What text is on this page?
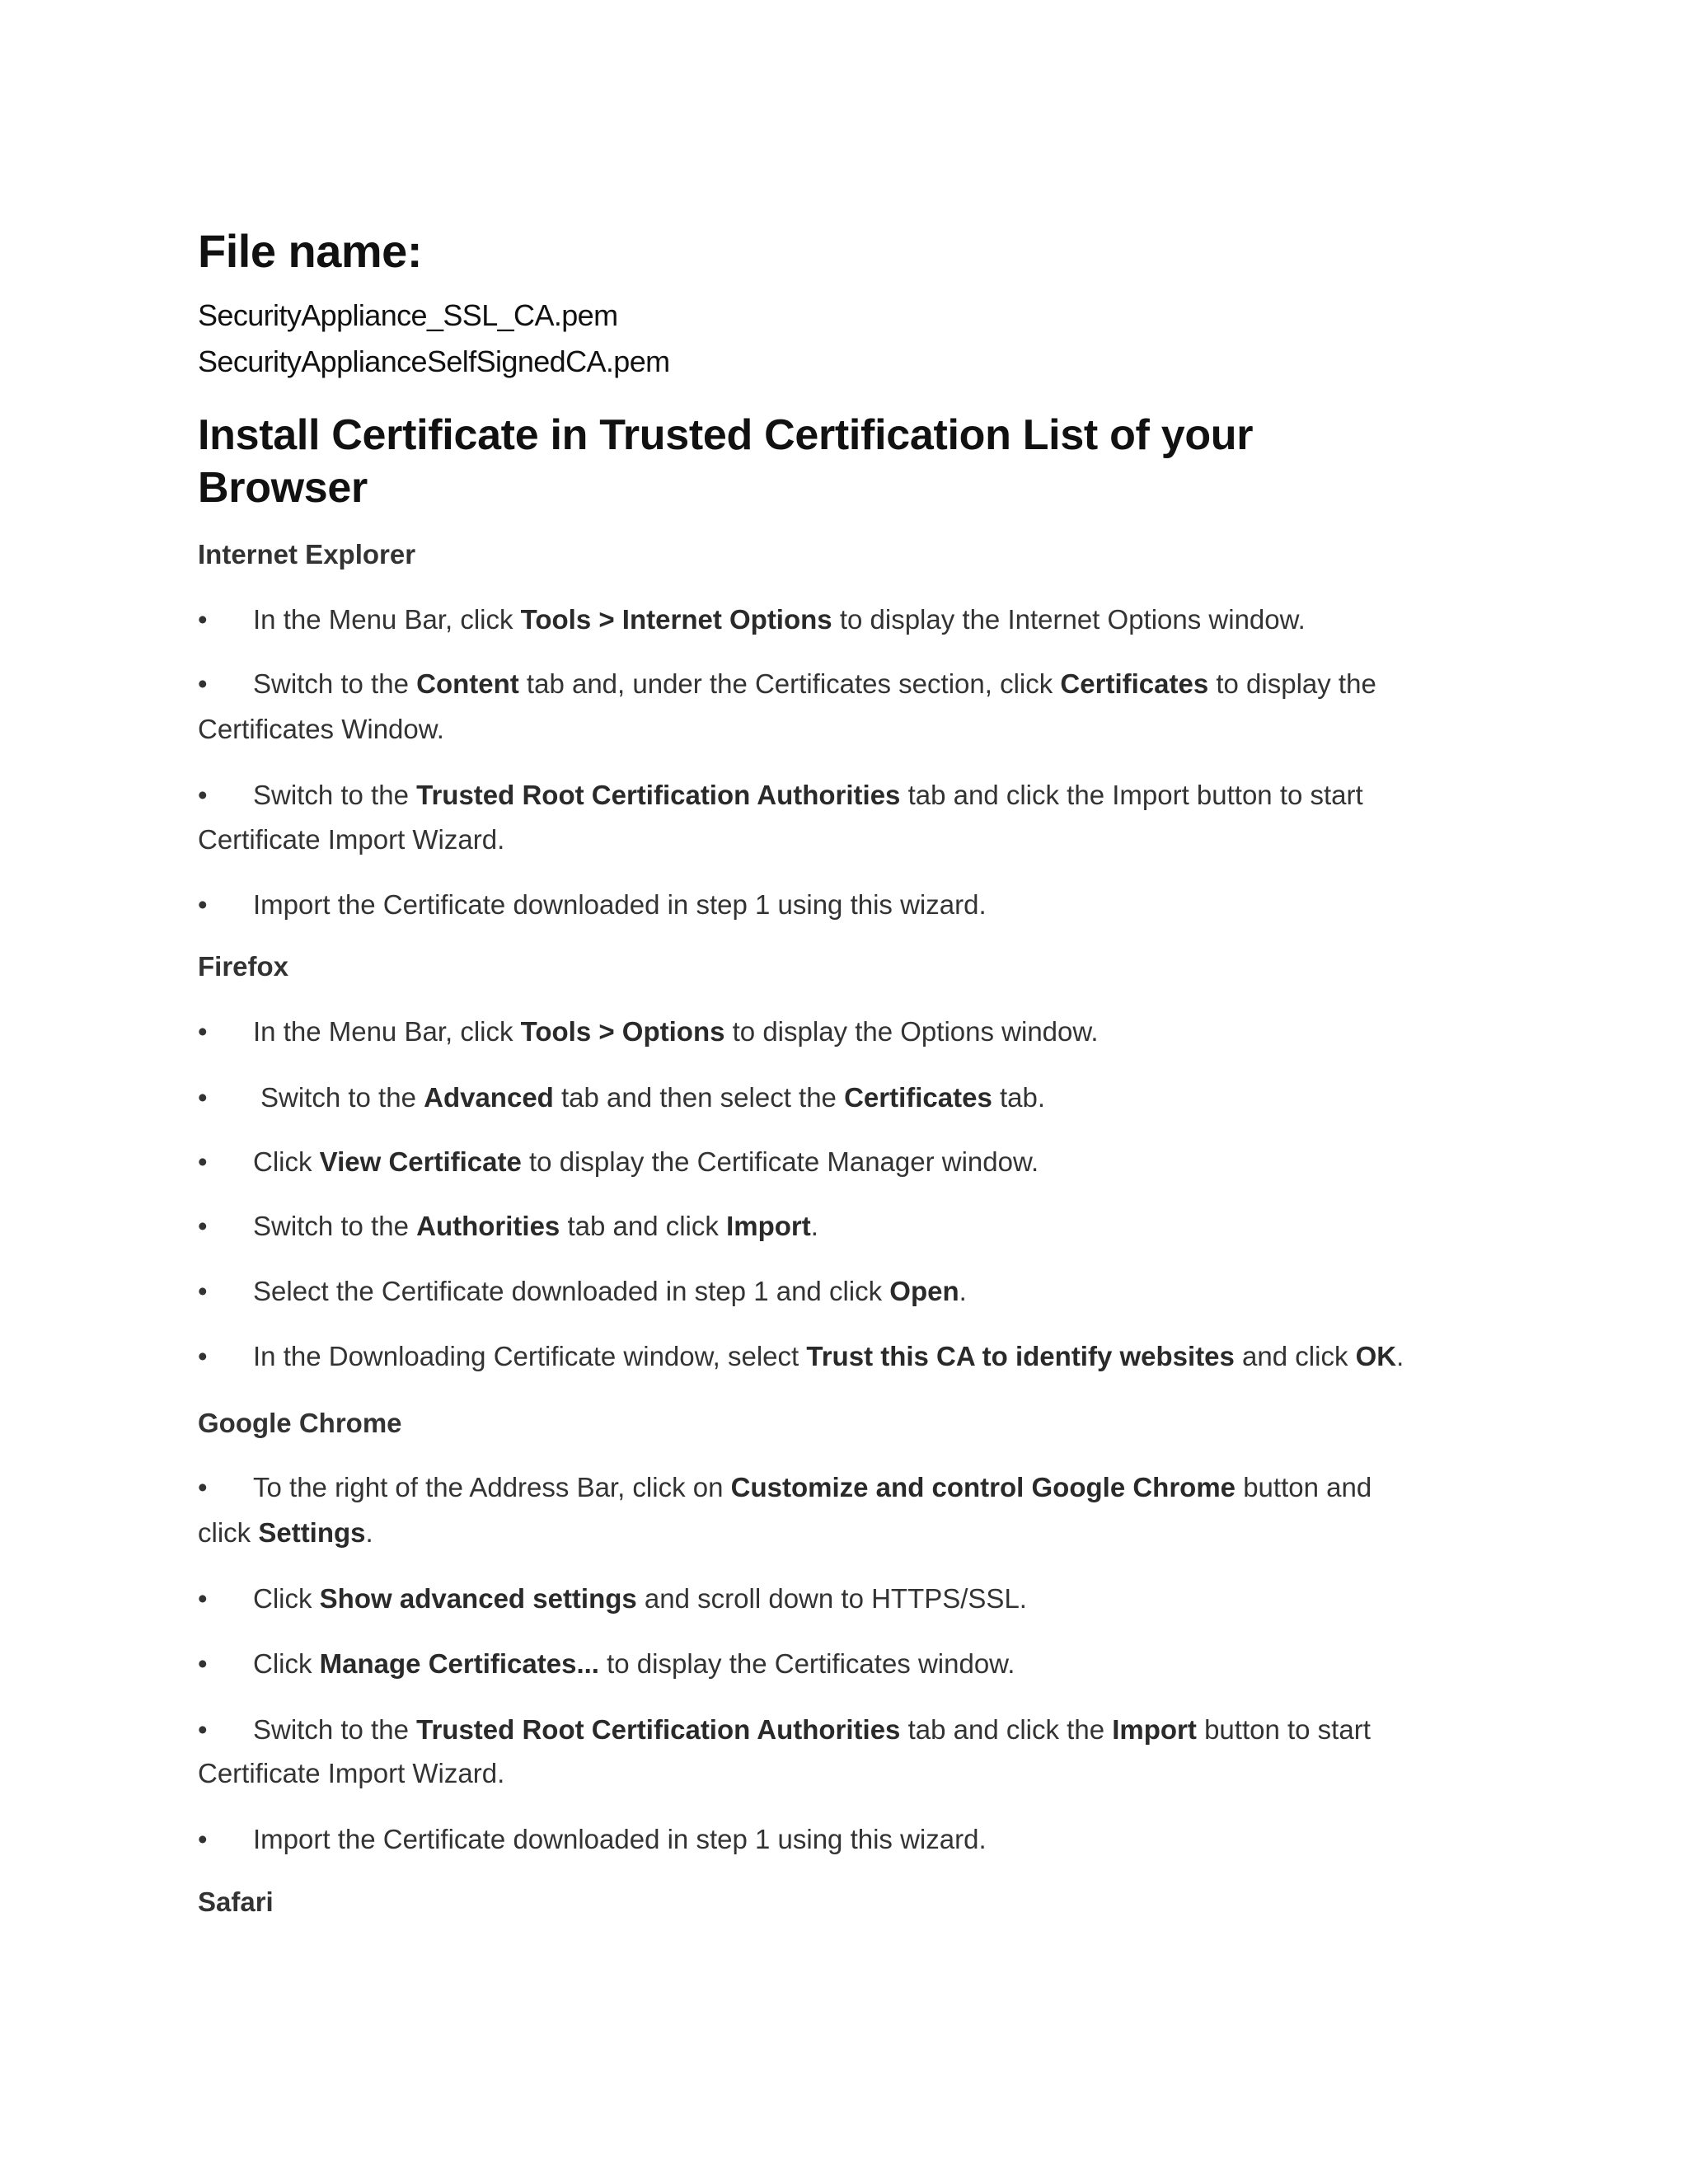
File name:
SecurityAppliance_SSL_CA.pem
SecurityApplianceSelfSignedCA.pem
Install Certificate in Trusted Certification List of your
Browser
Internet Explorer
• In the Menu Bar, click Tools > Internet Options to display the Internet Options window.
• Switch to the Content tab and, under the Certificates section, click Certificates to display the
Certificates Window.
• Switch to the Trusted Root Certification Authorities tab and click the Import button to start
Certificate Import Wizard.
• Import the Certificate downloaded in step 1 using this wizard.
Firefox
• In the Menu Bar, click Tools > Options to display the Options window.
• Switch to the Advanced tab and then select the Certificates tab.
• Click View Certificate to display the Certificate Manager window.
• Switch to the Authorities tab and click Import.
• Select the Certificate downloaded in step 1 and click Open.
• In the Downloading Certificate window, select Trust this CA to identify websites and click OK.
Google Chrome
• To the right of the Address Bar, click on Customize and control Google Chrome button and
click Settings.
• Click Show advanced settings and scroll down to HTTPS/SSL.
• Click Manage Certificates... to display the Certificates window.
• Switch to the Trusted Root Certification Authorities tab and click the Import button to start
Certificate Import Wizard.
• Import the Certificate downloaded in step 1 using this wizard.
Safari
